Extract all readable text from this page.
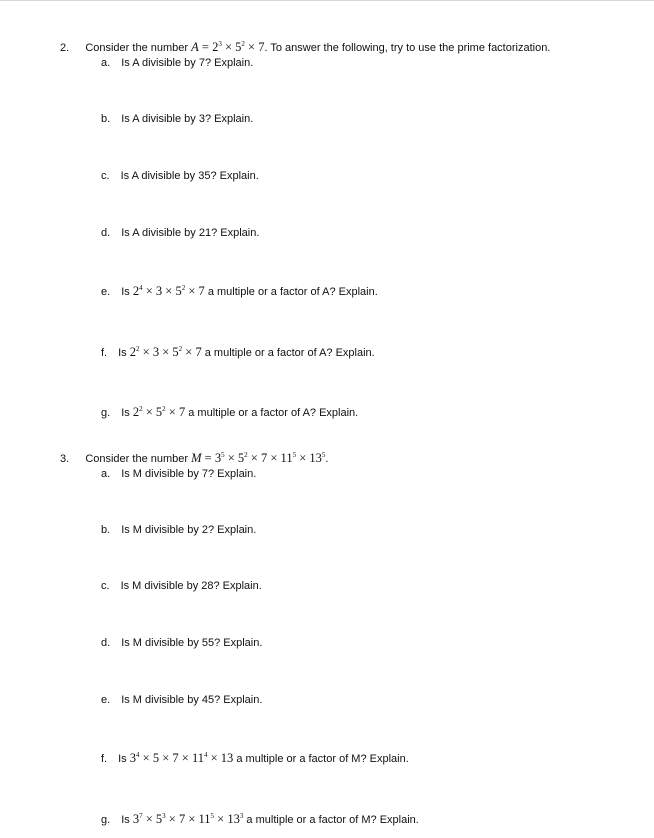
2. Consider the number $A = 2^3 \times 5^2 \times 7$. To answer the following, try to use the prime factorization.
a. Is A divisible by 7? Explain.
b. Is A divisible by 3? Explain.
c. Is A divisible by 35? Explain.
d. Is A divisible by 21? Explain.
e. Is $2^4 \times 3 \times 5^2 \times 7$ a multiple or a factor of A? Explain.
f. Is $2^2 \times 3 \times 5^2 \times 7$ a multiple or a factor of A? Explain.
g. Is $2^2 \times 5^2 \times 7$ a multiple or a factor of A? Explain.
3. Consider the number $M = 3^5 \times 5^2 \times 7 \times 11^5 \times 13^5$.
a. Is M divisible by 7? Explain.
b. Is M divisible by 2? Explain.
c. Is M divisible by 28? Explain.
d. Is M divisible by 55? Explain.
e. Is M divisible by 45? Explain.
f. Is $3^4 \times 5 \times 7 \times 11^4 \times 13$ a multiple or a factor of M? Explain.
g. Is $3^7 \times 5^3 \times 7 \times 11^5 \times 13^3$ a multiple or a factor of M? Explain.
